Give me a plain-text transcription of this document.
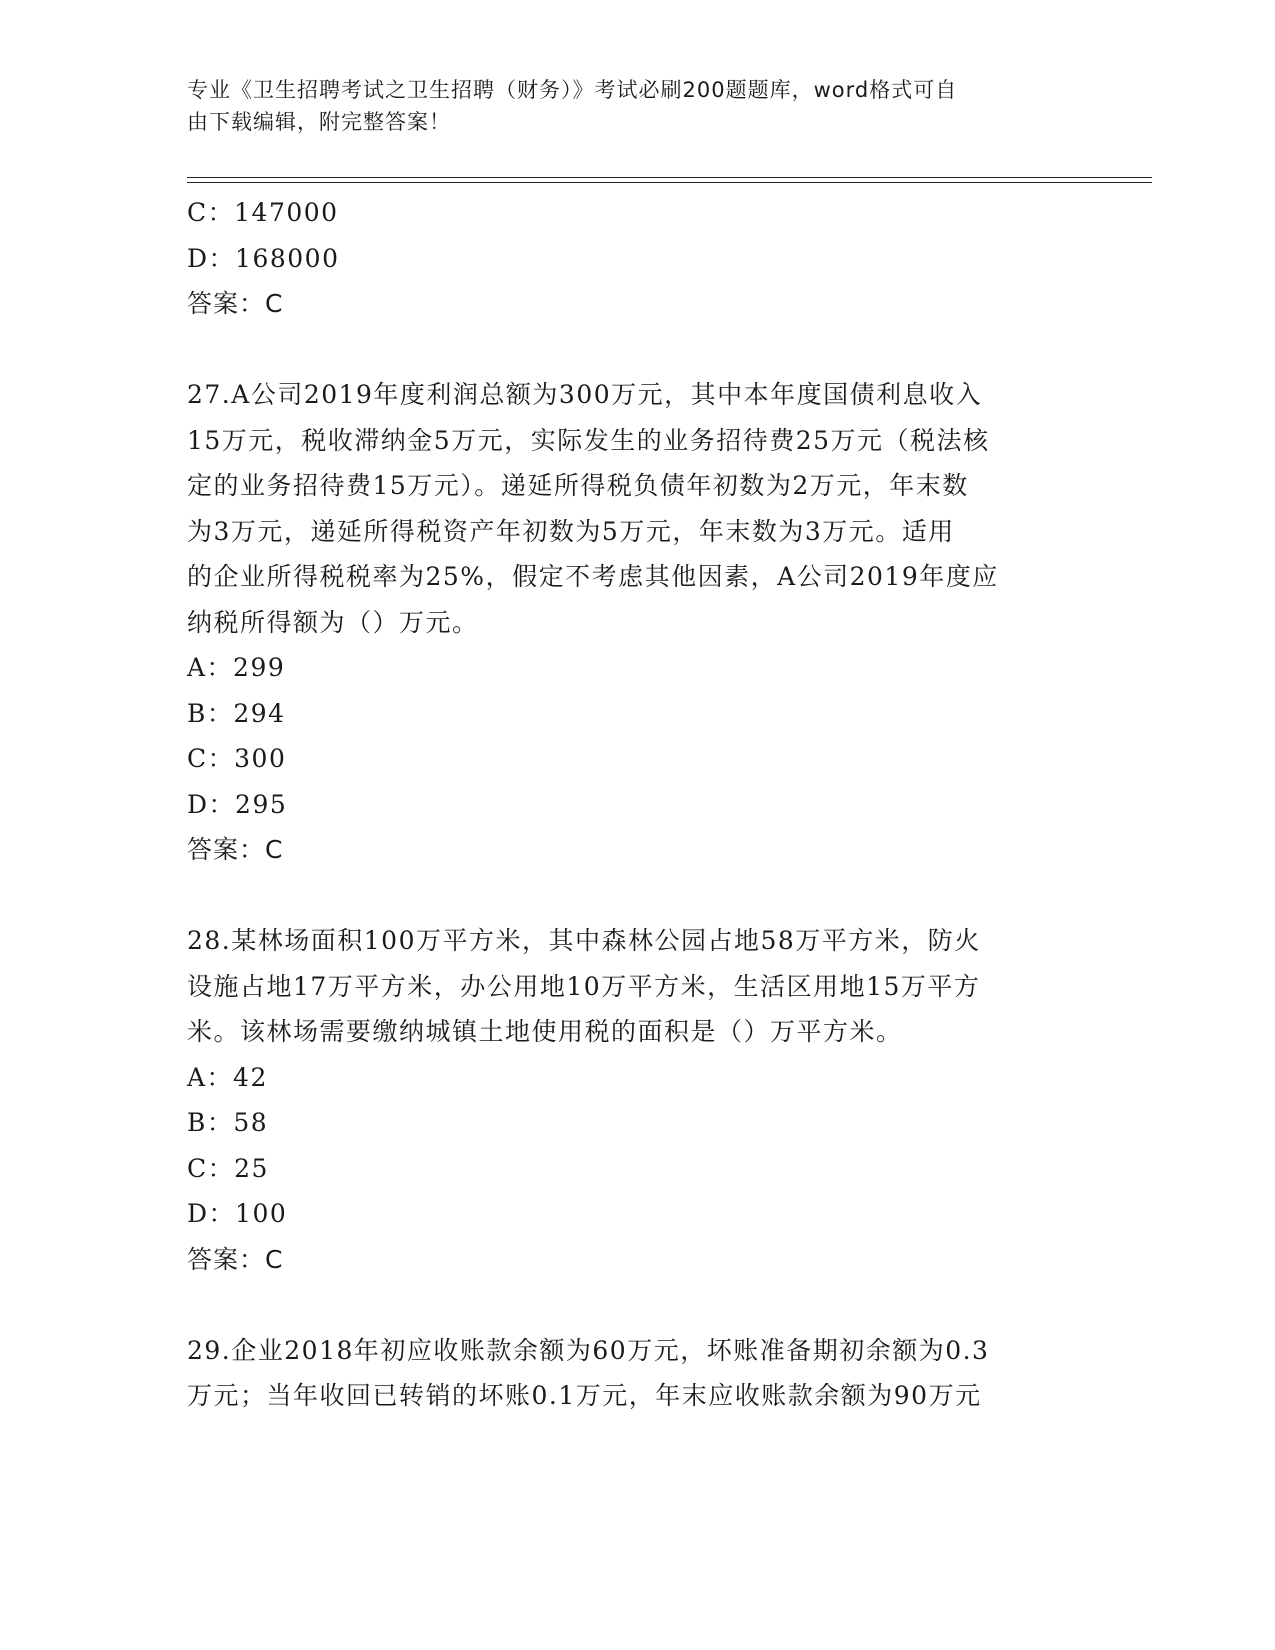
专业《卫生招聘考试之卫生招聘（财务）》考试必刷200题题库，word格式可自
由下载编辑，附完整答案！
C：147000
D：168000
答案：C
27.A公司2019年度利润总额为300万元，其中本年度国债利息收入
15万元，税收滞纳金5万元，实际发生的业务招待费25万元（税法核
定的业务招待费15万元）。递延所得税负债年初数为2万元，年末数
为3万元，递延所得税资产年初数为5万元，年末数为3万元。适用
的企业所得税税率为25%，假定不考虑其他因素，A公司2019年度应
纳税所得额为（）万元。
A：299
B：294
C：300
D：295
答案：C
28.某林场面积100万平方米，其中森林公园占地58万平方米，防火
设施占地17万平方米，办公用地10万平方米，生活区用地15万平方
米。该林场需要缴纳城镇土地使用税的面积是（）万平方米。
A：42
B：58
C：25
D：100
答案：C
29.企业2018年初应收账款余额为60万元，坏账准备期初余额为0.3
万元；当年收回已转销的坏账0.1万元，年末应收账款余额为90万元
